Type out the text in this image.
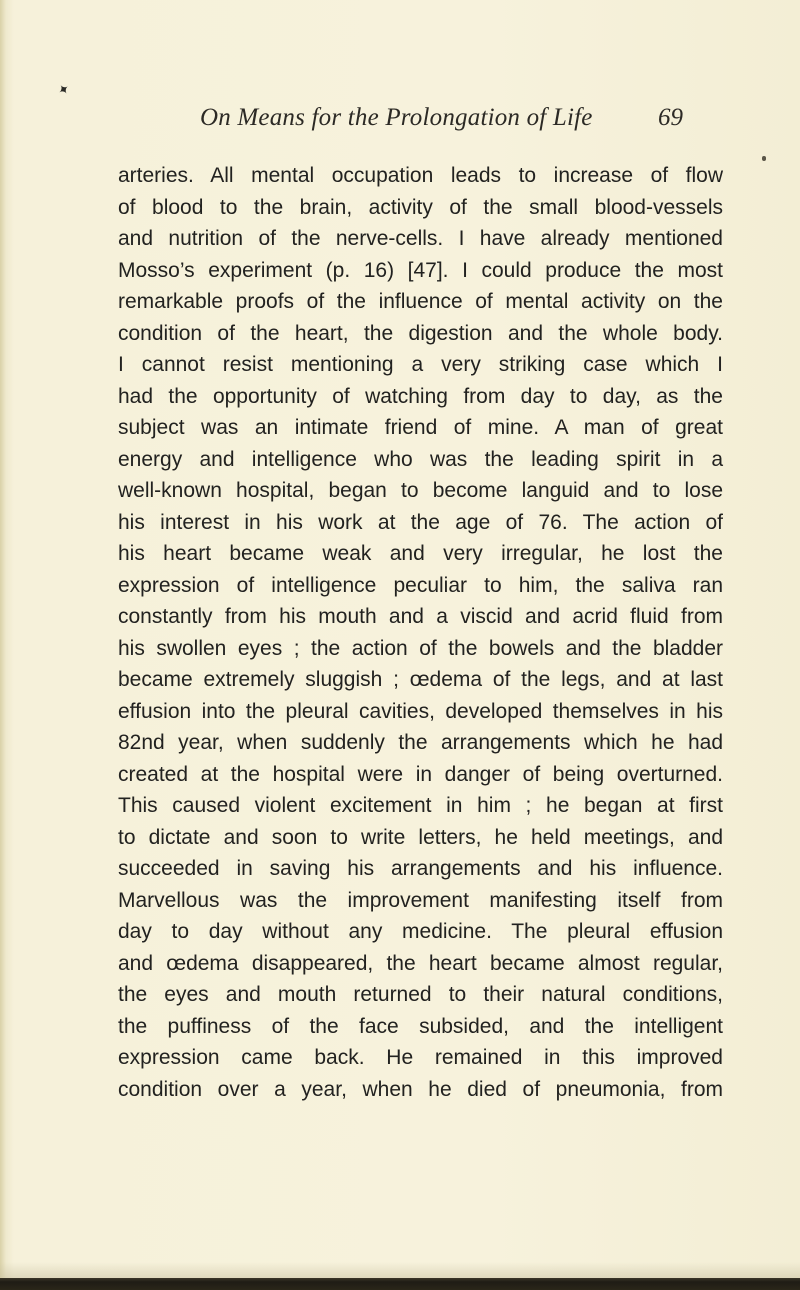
✦
On Means for the Prolongation of Life	69
arteries. All mental occupation leads to increase of flow
of blood to the brain, activity of the small blood-vessels
and nutrition of the nerve-cells. I have already mentioned
Mosso’s experiment (p. 16) [47]. I could produce the most
remarkable proofs of the influence of mental activity on the
condition of the heart, the digestion and the whole body.
I cannot resist mentioning a very striking case which I
had the opportunity of watching from day to day, as the
subject was an intimate friend of mine. A man of great
energy and intelligence who was the leading spirit in a
well-known hospital, began to become languid and to lose
his interest in his work at the age of 76. The action of
his heart became weak and very irregular, he lost the
expression of intelligence peculiar to him, the saliva ran
constantly from his mouth and a viscid and acrid fluid from
his swollen eyes ; the action of the bowels and the bladder
became extremely sluggish ; œdema of the legs, and at last
effusion into the pleural cavities, developed themselves in his
82nd year, when suddenly the arrangements which he had
created at the hospital were in danger of being overturned.
This caused violent excitement in him ; he began at first
to dictate and soon to write letters, he held meetings, and
succeeded in saving his arrangements and his influence.
Marvellous was the improvement manifesting itself from
day to day without any medicine. The pleural effusion
and œdema disappeared, the heart became almost regular,
the eyes and mouth returned to their natural conditions,
the puffiness of the face subsided, and the intelligent
expression came back. He remained in this improved
condition over a year, when he died of pneumonia, from
